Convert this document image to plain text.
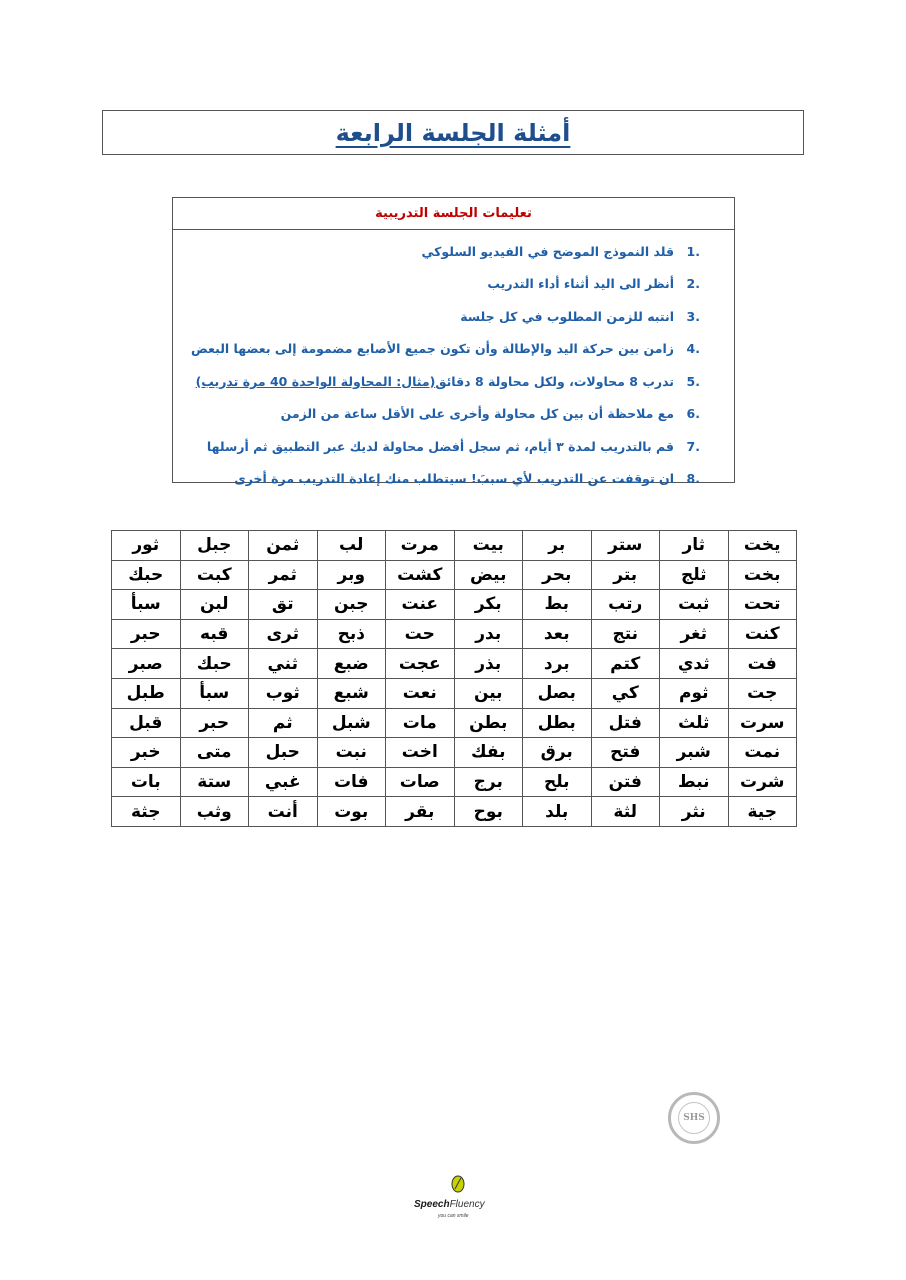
أمثلة الجلسة الرابعة
تعليمات الجلسة التدريبية
.1
قلد النموذج الموضح في الفيديو السلوكي
.2
أنظر الى اليد أثناء أداء التدريب
.3
انتبه للزمن المطلوب في كل جلسة
.4
زامن بين حركة اليد والإطالة وأن تكون جميع الأصابع مضمومة إلى بعضها البعض
.5
تدرب 8 محاولات، ولكل محاولة 8 دقائق
(مثال: المحاولة الواحدة 40 مرة تدريب)
.6
مع ملاحظة أن بين كل محاولة وأخرى على الأقل ساعة من الزمن
.7
قم بالتدريب لمدة ٣ أيام، ثم سجل أفضل محاولة لديك عبر التطبيق ثم أرسلها
.8
ان توقفت عن التدريب لأي سببَ! سيتطلب منك إعادة التدريب مرة أخرى
يخت	ثار	ستر	بر	بيت	مرت	لب	ثمن	جبل	ثور
بخت	ثلج	بتر	بحر	بيض	كشت	وبر	ثمر	كبت	حبك
تحت	ثبت	رتب	بط	بكر	عنت	جبن	تق	لبن	سبأ
كنت	ثغر	نتج	بعد	بدر	حت	ذبح	ثرى	قبه	حبر
فت	ثدي	كتم	برد	بذر	عجت	ضبع	ثني	حبك	صبر
جت	ثوم	كي	بصل	بين	نعت	شبع	ثوب	سبأ	طبل
سرت	ثلث	فتل	بطل	بطن	مات	شبل	ثم	حبر	قبل
نمت	شبر	فتح	برق	بفك	اخت	نبت	حبل	متى	خبر
شرت	نبط	فتن	بلح	برج	صات	فات	غبي	ستة	بات
جية	نثر	لثة	بلد	بوح	بقر	بوت	أنت	وثب	جثة
SHS
SpeechFluency
you can smile
